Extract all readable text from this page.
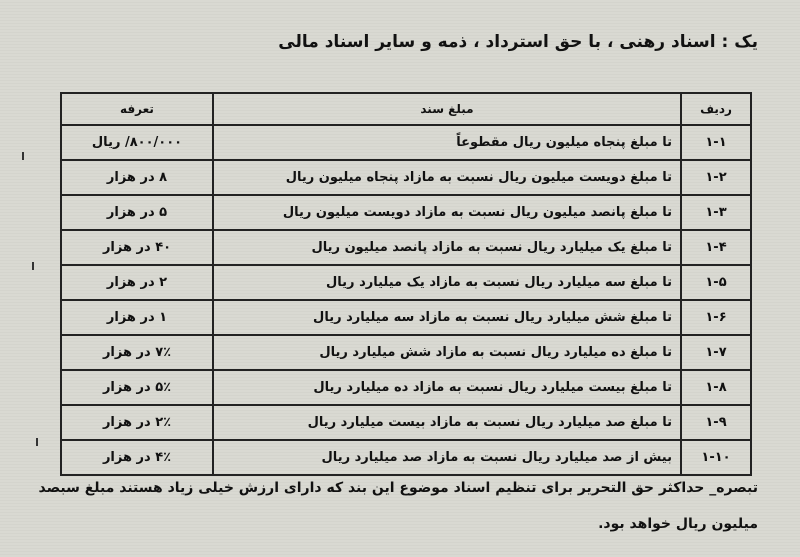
یک : اسناد رهنی ، با حق استرداد ، ذمه و سایر اسناد مالی
ردیف	مبلغ سند	تعرفه
۱-۱	تا مبلغ پنجاه میلیون ریال مقطوعاً	۸۰۰/۰۰۰/ ریال
۱-۲	تا مبلغ دویست میلیون ریال نسبت به مازاد پنجاه میلیون ریال	۸ در هزار
۱-۳	تا مبلغ پانصد میلیون ریال نسبت به مازاد دویست میلیون ریال	۵ در هزار
۱-۴	تا مبلغ یک میلیارد ریال نسبت به مازاد پانصد میلیون ریال	۴۰ در هزار
۱-۵	تا مبلغ سه میلیارد ریال نسبت به مازاد یک میلیارد ریال	۲ در هزار
۱-۶	تا مبلغ شش میلیارد ریال نسبت به مازاد سه میلیارد ریال	۱ در هزار
۱-۷	تا مبلغ ده میلیارد ریال نسبت به مازاد شش میلیارد ریال	۷٪ در هزار
۱-۸	تا مبلغ بیست میلیارد ریال نسبت به مازاد ده میلیارد ریال	۵٪ در هزار
۱-۹	تا مبلغ صد میلیارد ریال نسبت به مازاد بیست میلیارد ریال	۲٪ در هزار
۱-۱۰	بیش از صد میلیارد ریال نسبت به مازاد صد میلیارد ریال	۴٪ در هزار
تبصره_ حداکثر حق التحریر برای تنظیم اسناد موضوع این بند که دارای ارزش خیلی زیاد هستند مبلغ سبصد میلیون ریال خواهد بود.
